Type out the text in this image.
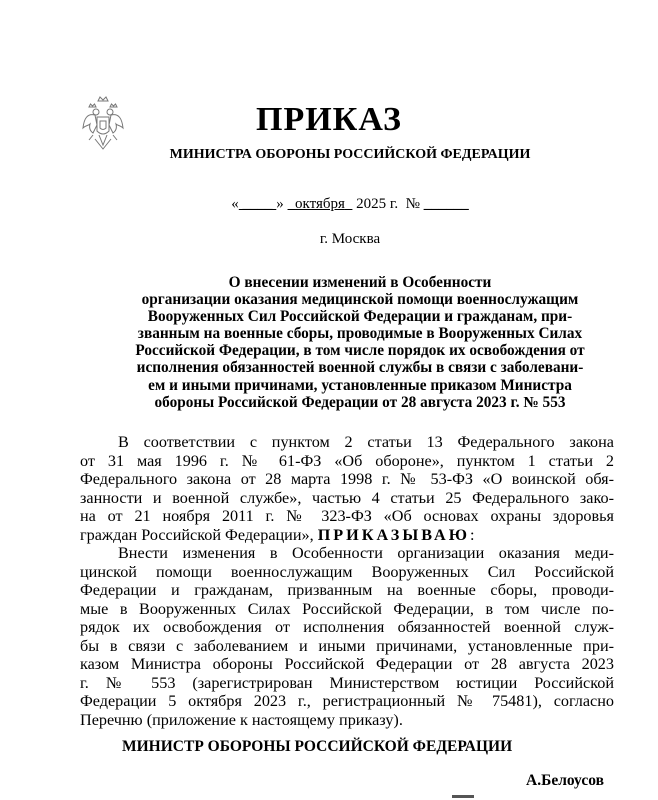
ПРИКАЗ
МИНИСТРА ОБОРОНЫ РОССИЙСКОЙ ФЕДЕРАЦИИ
« ____ » октября   2025 г. № ______
г. Москва
О внесении изменений в Особенности
организации оказания медицинской помощи военнослужащим
Вооруженных Сил Российской Федерации и гражданам, при-
званным на военные сборы, проводимые в Вооруженных Силах
Российской Федерации, в том числе порядок их освобождения от
исполнения обязанностей военной службы в связи с заболевани-
ем и иными причинами, установленные приказом Министра
обороны Российской Федерации от 28 августа 2023 г. № 553
В соответствии с пунктом 2 статьи 13 Федерального закона
от 31 мая 1996 г. № 61-ФЗ «Об обороне», пунктом 1 статьи 2
Федерального закона от 28 марта 1998 г. № 53-ФЗ «О воинской обя-
занности и военной службе», частью 4 статьи 25 Федерального зако-
на от 21 ноября 2011 г. № 323-ФЗ «Об основах охраны здоровья
граждан Российской Федерации», ПРИКАЗЫВАЮ:
Внести изменения в Особенности организации оказания меди-
цинской помощи военнослужащим Вооруженных Сил Российской
Федерации и гражданам, призванным на военные сборы, проводи-
мые в Вооруженных Силах Российской Федерации, в том числе по-
рядок их освобождения от исполнения обязанностей военной служ-
бы в связи с заболеванием и иными причинами, установленные при-
казом Министра обороны Российской Федерации от 28 августа 2023
г. № 553 (зарегистрирован Министерством юстиции Российской
Федерации 5 октября 2023 г., регистрационный № 75481), согласно
Перечню (приложение к настоящему приказу).
МИНИСТР ОБОРОНЫ РОССИЙСКОЙ ФЕДЕРАЦИИ
А.Белоусов
